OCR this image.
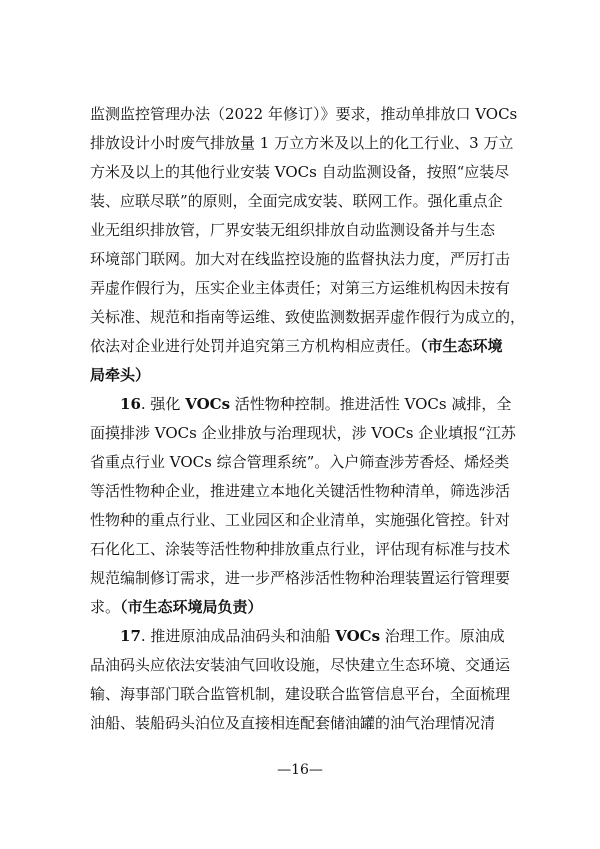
监测监控管理办法（2022 年修订）》要求，推动单排放口 VOCs
排放设计小时废气排放量 1 万立方米及以上的化工行业、3 万立
方米及以上的其他行业安装 VOCs 自动监测设备，按照“应装尽
装、应联尽联”的原则，全面完成安装、联网工作。强化重点企
业无组织排放管，厂界安装无组织排放自动监测设备并与生态
环境部门联网。加大对在线监控设施的监督执法力度，严厉打击
弄虚作假行为，压实企业主体责任；对第三方运维机构因未按有
关标准、规范和指南等运维、致使监测数据弄虚作假行为成立的，
依法对企业进行处罚并追究第三方机构相应责任。（市生态环境
局牵头）

　　16. 强化 VOCs 活性物种控制。推进活性 VOCs 减排，全
面摸排涉 VOCs 企业排放与治理现状，涉 VOCs 企业填报“江苏
省重点行业 VOCs 综合管理系统”。入户筛查涉芳香烃、烯烃类
等活性物种企业，推进建立本地化关键活性物种清单，筛选涉活
性物种的重点行业、工业园区和企业清单，实施强化管控。针对
石化化工、涂装等活性物种排放重点行业，评估现有标准与技术
规范编制修订需求，进一步严格涉活性物种治理装置运行管理要
求。（市生态环境局负责）

　　17. 推进原油成品油码头和油船 VOCs 治理工作。原油成
品油码头应依法安装油气回收设施，尽快建立生态环境、交通运
输、海事部门联合监管机制，建设联合监管信息平台，全面梳理
油船、装船码头泊位及直接相连配套储油罐的油气治理情况清

—16—
